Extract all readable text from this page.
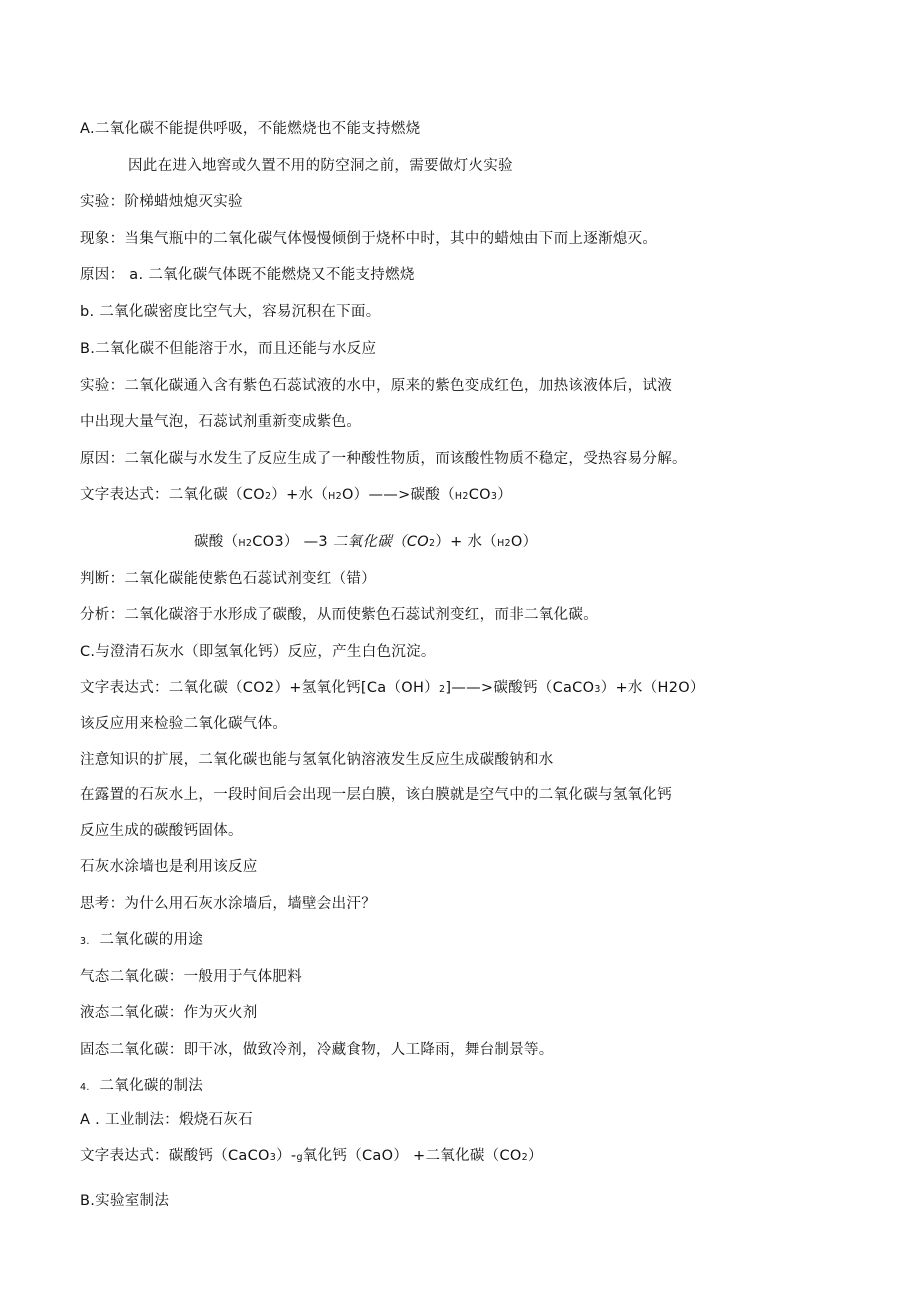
A.二氧化碳不能提供呼吸，不能燃烧也不能支持燃烧
因此在进入地窖或久置不用的防空洞之前，需要做灯火实验
实验：阶梯蜡烛熄灭实验
现象：当集气瓶中的二氧化碳气体慢慢倾倒于烧杯中时，其中的蜡烛由下而上逐渐熄灭。
原因： a. 二氧化碳气体既不能燃烧又不能支持燃烧
b. 二氧化碳密度比空气大，容易沉积在下面。
B.二氧化碳不但能溶于水，而且还能与水反应
实验：二氧化碳通入含有紫色石蕊试液的水中，原来的紫色变成红色，加热该液体后，试液
中出现大量气泡，石蕊试剂重新变成紫色。
原因：二氧化碳与水发生了反应生成了一种酸性物质，而该酸性物质不稳定，受热容易分解。
文字表达式：二氧化碳（CO2）+水（H2O）——>碳酸（H2CO3）
碳酸（H2CO3） —3 二氧化碳（CO2）+ 水（H2O）
判断：二氧化碳能使紫色石蕊试剂变红（错）
分析：二氧化碳溶于水形成了碳酸，从而使紫色石蕊试剂变红，而非二氧化碳。
C.与澄清石灰水（即氢氧化钙）反应，产生白色沉淀。
文字表达式：二氧化碳（CO2）+氢氧化钙[Ca（OH）2]——>碳酸钙（CaCO3）+水（H2O）
该反应用来检验二氧化碳气体。
注意知识的扩展，二氧化碳也能与氢氧化钠溶液发生反应生成碳酸钠和水
在露置的石灰水上，一段时间后会出现一层白膜，该白膜就是空气中的二氧化碳与氢氧化钙
反应生成的碳酸钙固体。
石灰水涂墙也是利用该反应
思考：为什么用石灰水涂墙后，墙壁会出汗？
3. 二氧化碳的用途
气态二氧化碳：一般用于气体肥料
液态二氧化碳：作为灭火剂
固态二氧化碳：即干冰，做致冷剂，冷藏食物，人工降雨，舞台制景等。
4. 二氧化碳的制法
A . 工业制法：煅烧石灰石
文字表达式：碳酸钙（CaCO3）-g氧化钙（CaO） +二氧化碳（CO2）
B.实验室制法
